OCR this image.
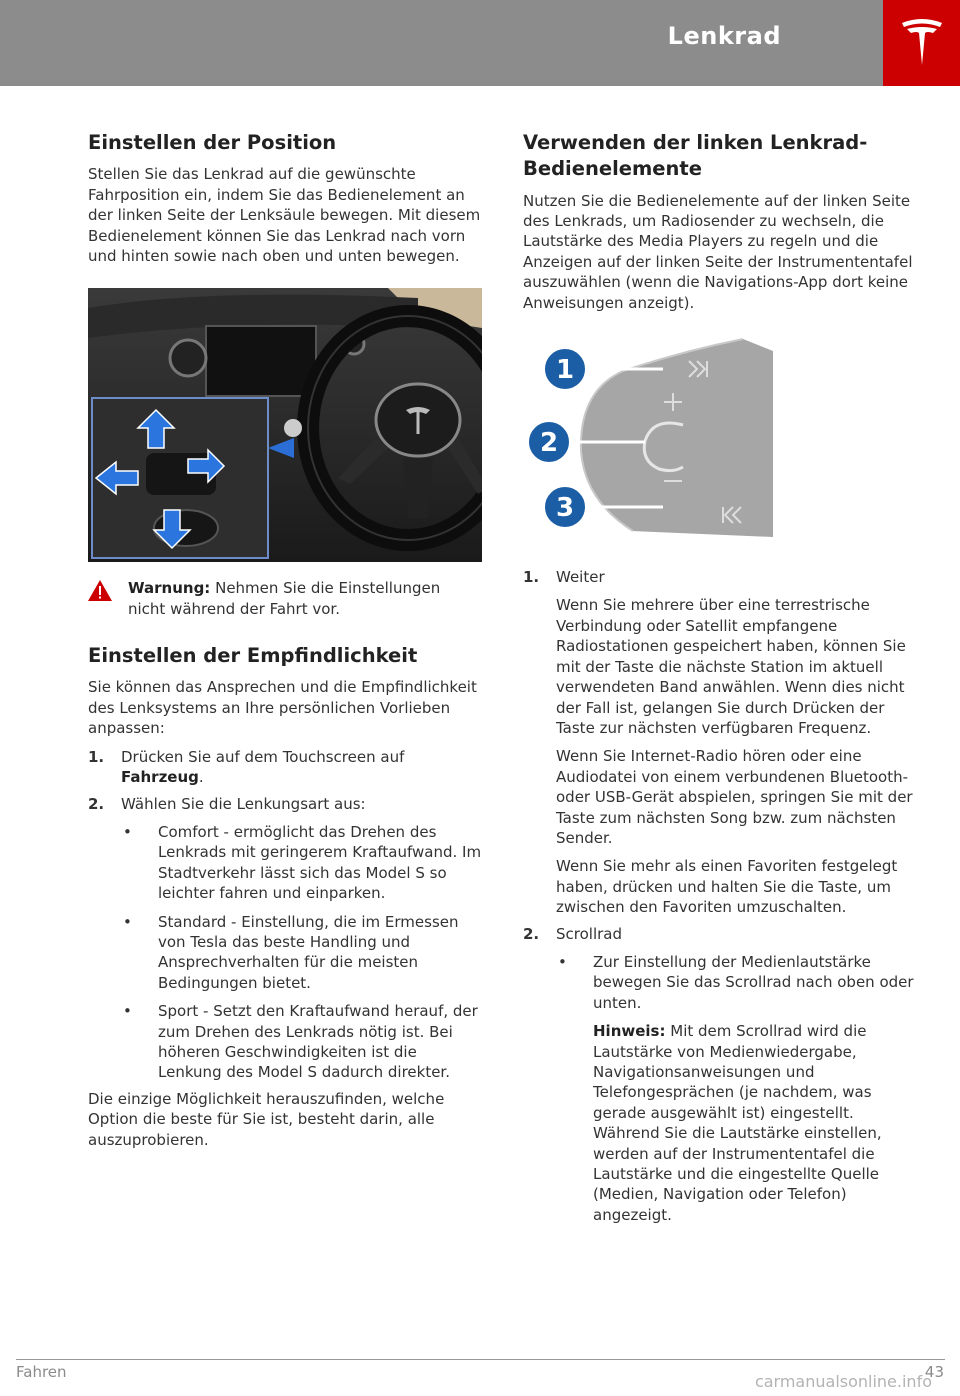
Lenkrad
Einstellen der Position

Stellen Sie das Lenkrad auf die gewünschte Fahrposition ein, indem Sie das Bedienelement an der linken Seite der Lenksäule bewegen. Mit diesem Bedienelement können Sie das Lenkrad nach vorn und hinten sowie nach oben und unten bewegen.

Warnung: Nehmen Sie die Einstellungen nicht während der Fahrt vor.

Einstellen der Empfindlichkeit

Sie können das Ansprechen und die Empfindlichkeit des Lenksystems an Ihre persönlichen Vorlieben anpassen:

1.	Drücken Sie auf dem Touchscreen auf Fahrzeug.

2.	Wählen Sie die Lenkungsart aus:

•	Comfort - ermöglicht das Drehen des Lenkrads mit geringerem Kraftaufwand. Im Stadtverkehr lässt sich das Model S so leichter fahren und einparken.

•	Standard - Einstellung, die im Ermessen von Tesla das beste Handling und Ansprechverhalten für die meisten Bedingungen bietet.

•	Sport - Setzt den Kraftaufwand herauf, der zum Drehen des Lenkrads nötig ist. Bei höheren Geschwindigkeiten ist die Lenkung des Model S dadurch direkter.

Die einzige Möglichkeit herauszufinden, welche Option die beste für Sie ist, besteht darin, alle auszuprobieren.

Verwenden der linken Lenkrad-Bedienelemente

Nutzen Sie die Bedienelemente auf der linken Seite des Lenkrads, um Radiosender zu wechseln, die Lautstärke des Media Players zu regeln und die Anzeigen auf der linken Seite der Instrumententafel auszuwählen (wenn die Navigations-App dort keine Anweisungen anzeigt).

1
2
3
1.	Weiter

Wenn Sie mehrere über eine terrestrische Verbindung oder Satellit empfangene Radiostationen gespeichert haben, können Sie mit der Taste die nächste Station im aktuell verwendeten Band anwählen. Wenn dies nicht der Fall ist, gelangen Sie durch Drücken der Taste zur nächsten verfügbaren Frequenz.

Wenn Sie Internet-Radio hören oder eine Audiodatei von einem verbundenen Bluetooth- oder USB-Gerät abspielen, springen Sie mit der Taste zum nächsten Song bzw. zum nächsten Sender.

Wenn Sie mehr als einen Favoriten festgelegt haben, drücken und halten Sie die Taste, um zwischen den Favoriten umzuschalten.

2.	Scrollrad

•	Zur Einstellung der Medienlautstärke bewegen Sie das Scrollrad nach oben oder unten.

Hinweis: Mit dem Scrollrad wird die Lautstärke von Medienwiedergabe, Navigationsanweisungen und Telefongesprächen (je nachdem, was gerade ausgewählt ist) eingestellt. Während Sie die Lautstärke einstellen, werden auf der Instrumententafel die Lautstärke und die eingestellte Quelle (Medien, Navigation oder Telefon) angezeigt.

Fahren	43
carmanualsonline.info
